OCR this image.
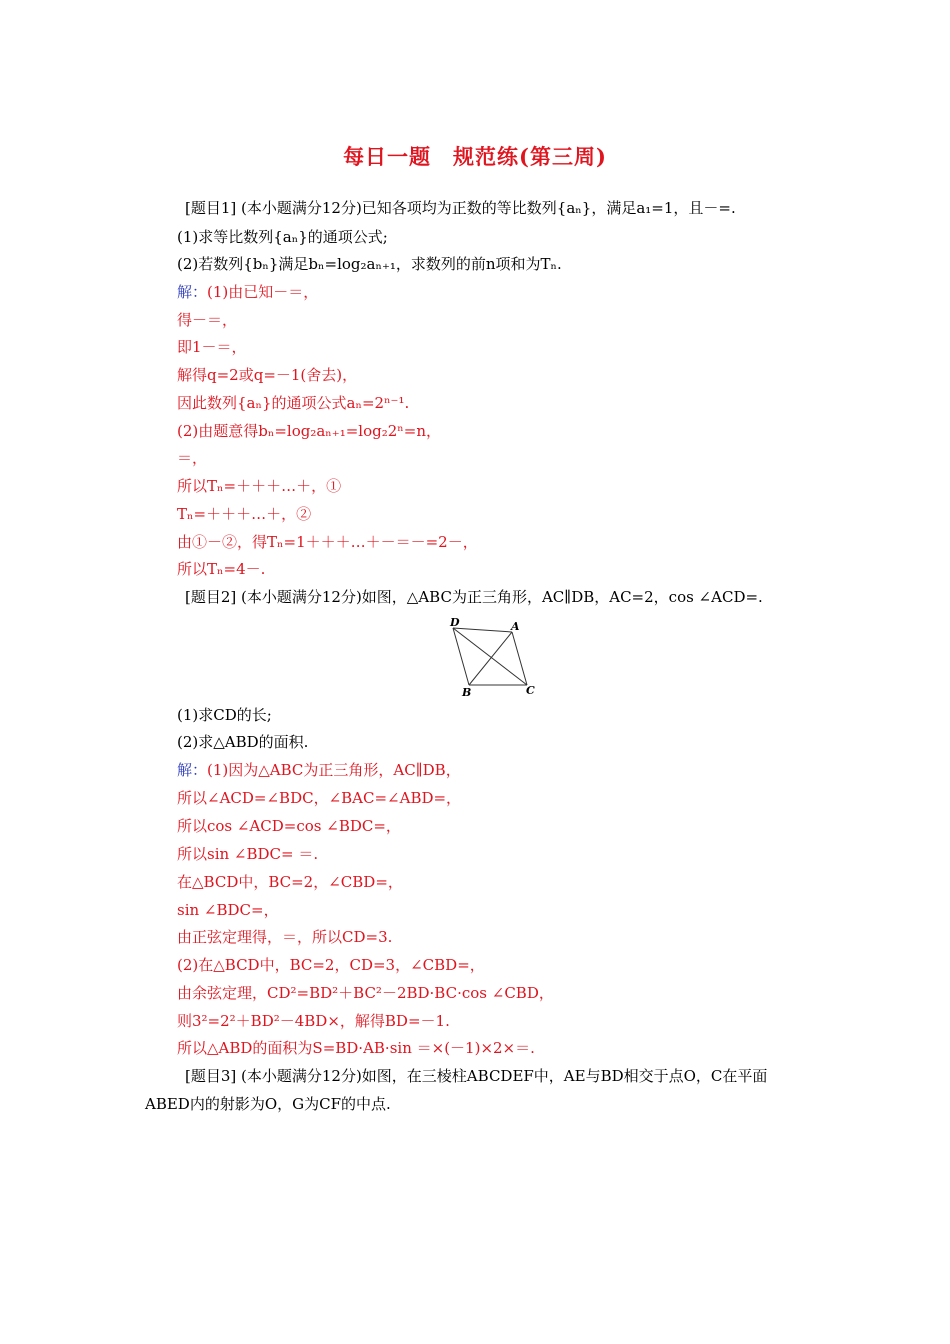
每日一题　规范练(第三周)
[题目1] (本小题满分12分)已知各项均为正数的等比数列{aₙ}，满足a₁=1，且－=.
(1)求等比数列{aₙ}的通项公式;
(2)若数列{bₙ}满足bₙ=log₂aₙ₊₁，求数列的前n项和为Tₙ.
解：(1)由已知－＝，
得－＝，
即1－＝，
解得q=2或q=－1(舍去)，
因此数列{aₙ}的通项公式aₙ=2ⁿ⁻¹.
(2)由题意得bₙ=log₂aₙ₊₁=log₂2ⁿ=n，
＝，
所以Tₙ=＋＋＋…＋，①
Tₙ=＋＋＋…＋，②
由①－②，得Tₙ=1＋＋＋…＋－＝－=2－，
所以Tₙ=4－.
[题目2] (本小题满分12分)如图，△ABC为正三角形，AC∥DB，AC=2，cos ∠ACD=.
D	A
B	C
(1)求CD的长;
(2)求△ABD的面积.
解：(1)因为△ABC为正三角形，AC∥DB，
所以∠ACD=∠BDC，∠BAC=∠ABD=，
所以cos ∠ACD=cos ∠BDC=，
所以sin ∠BDC= ＝.
在△BCD中，BC=2，∠CBD=，
sin ∠BDC=，
由正弦定理得，＝，所以CD=3.
(2)在△BCD中，BC=2，CD=3，∠CBD=，
由余弦定理，CD²=BD²＋BC²－2BD·BC·cos ∠CBD，
则3²=2²＋BD²－4BD×，解得BD=－1.
所以△ABD的面积为S=BD·AB·sin ＝×(－1)×2×＝.
[题目3] (本小题满分12分)如图，在三棱柱ABCDEF中，AE与BD相交于点O，C在平面
ABED内的射影为O，G为CF的中点.
